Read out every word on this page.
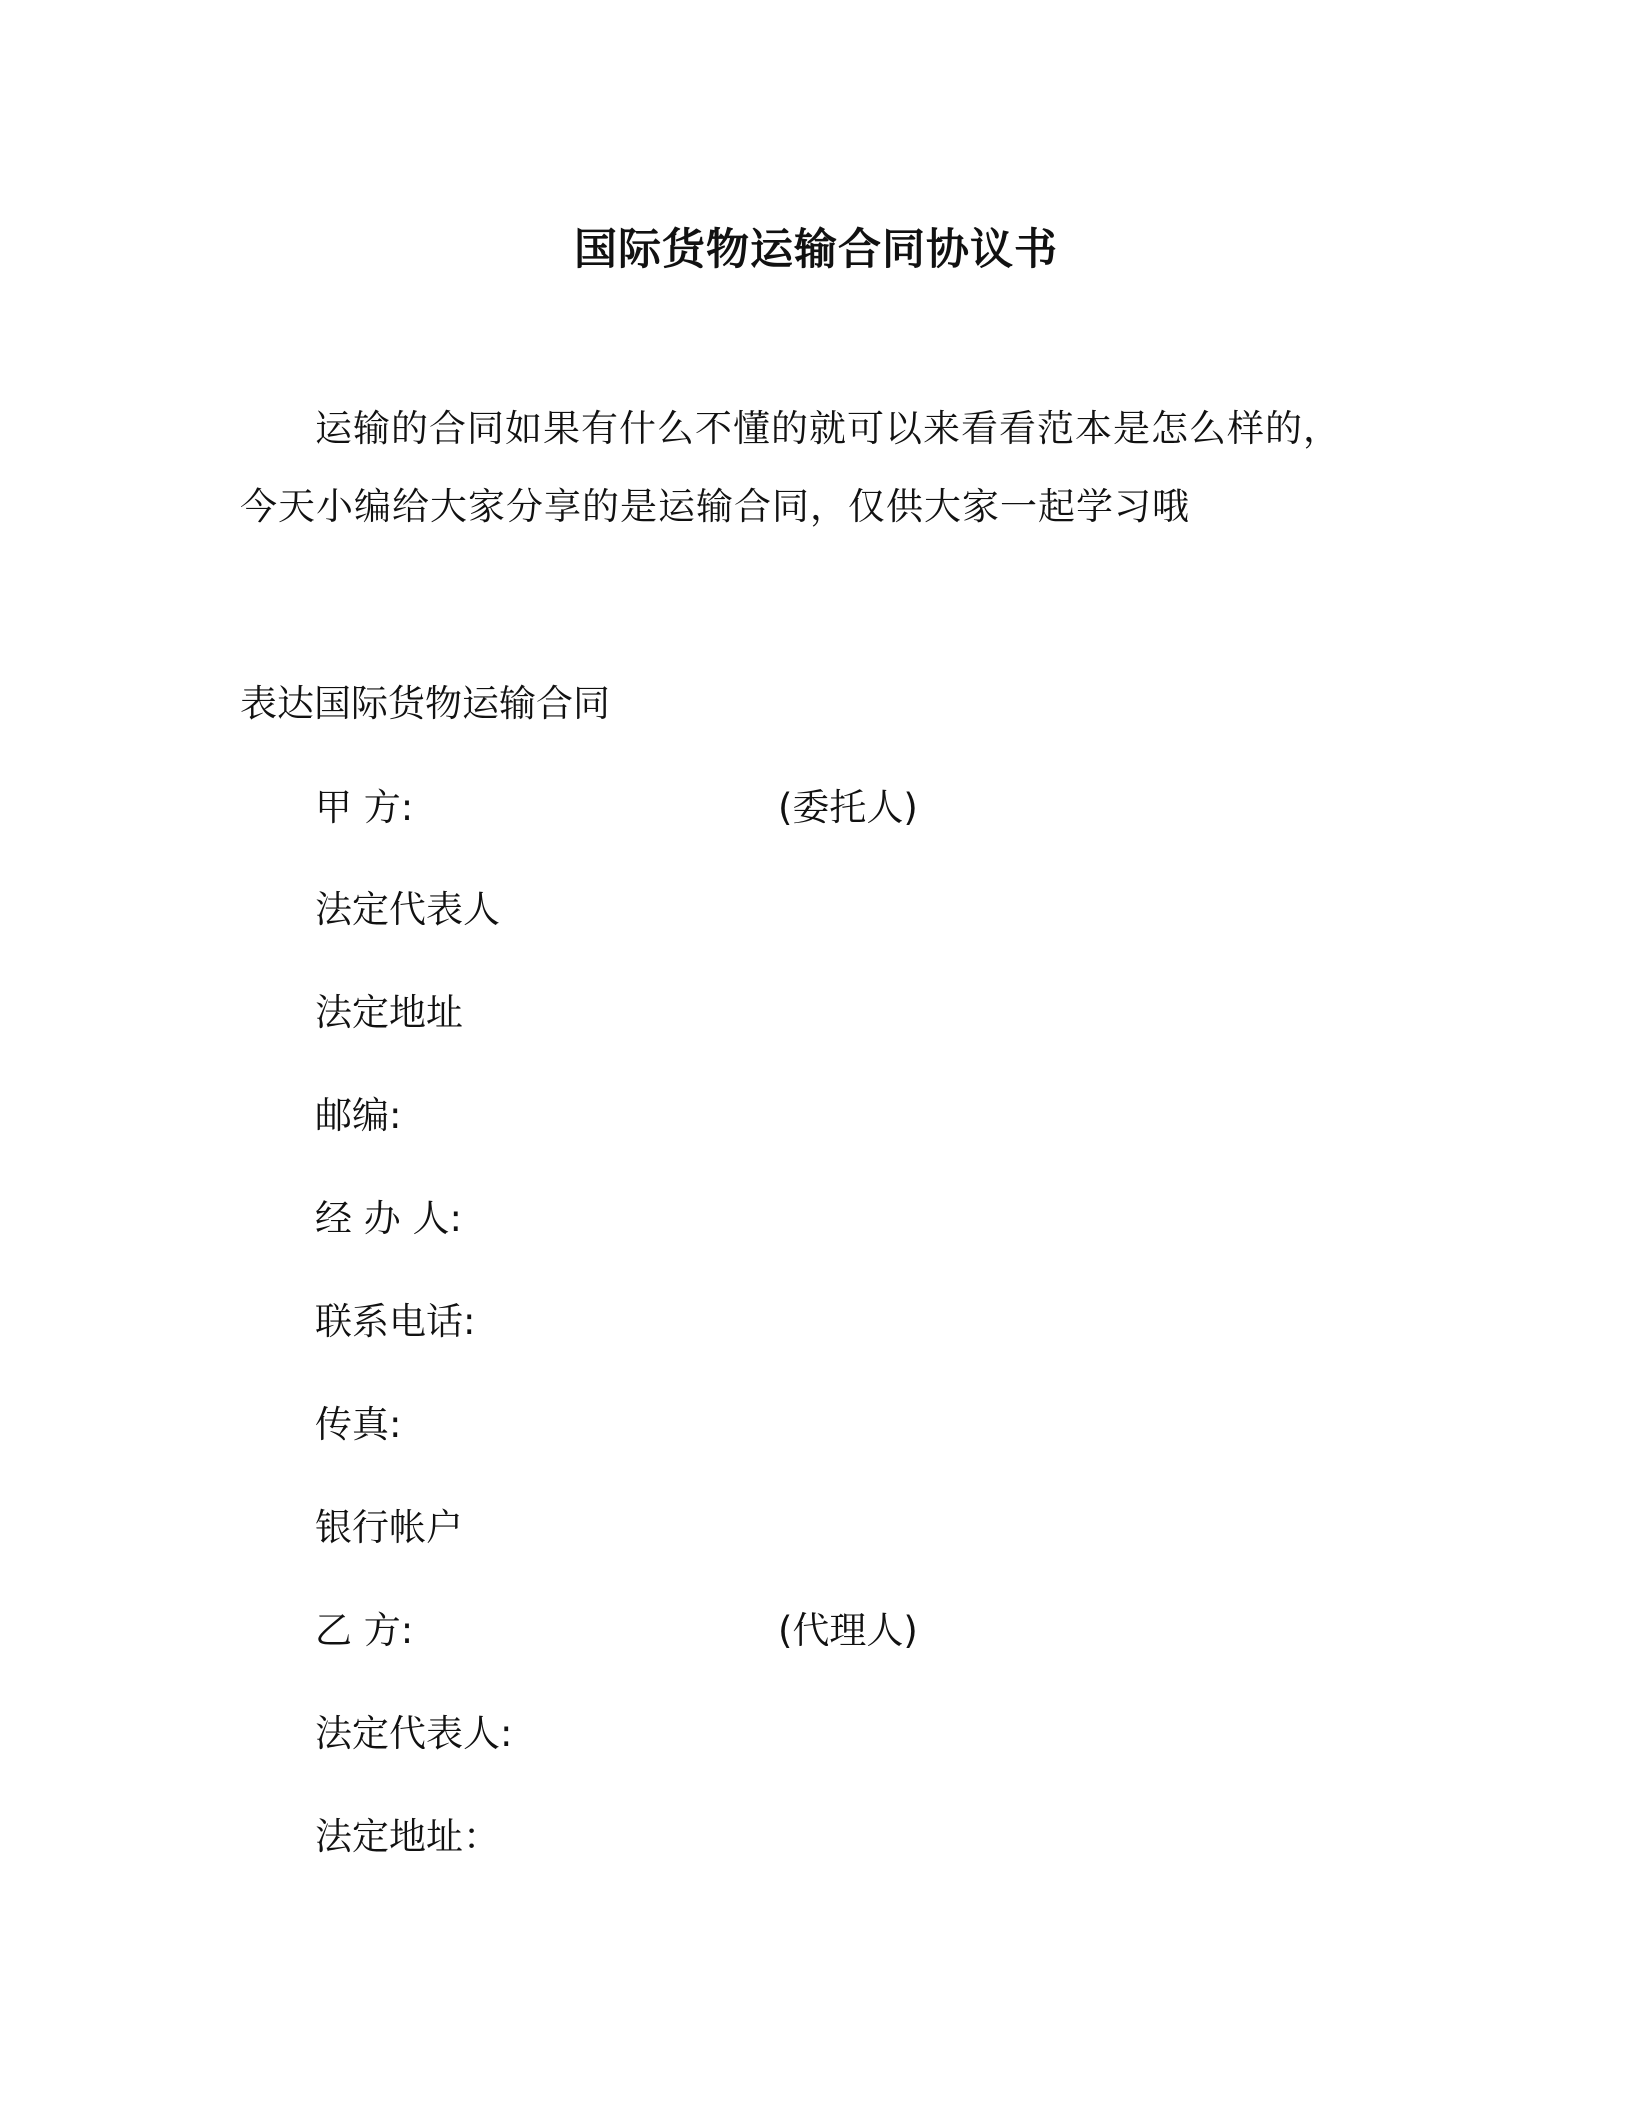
国际货物运输合同协议书
运输的合同如果有什么不懂的就可以来看看范本是怎么样的，今天小编给大家分享的是运输合同，仅供大家一起学习哦
表达国际货物运输合同
甲 方:	(委托人)
法定代表人
法定地址
邮编:
经 办 人:
联系电话:
传真:
银行帐户
乙 方:	(代理人)
法定代表人:
法定地址：
